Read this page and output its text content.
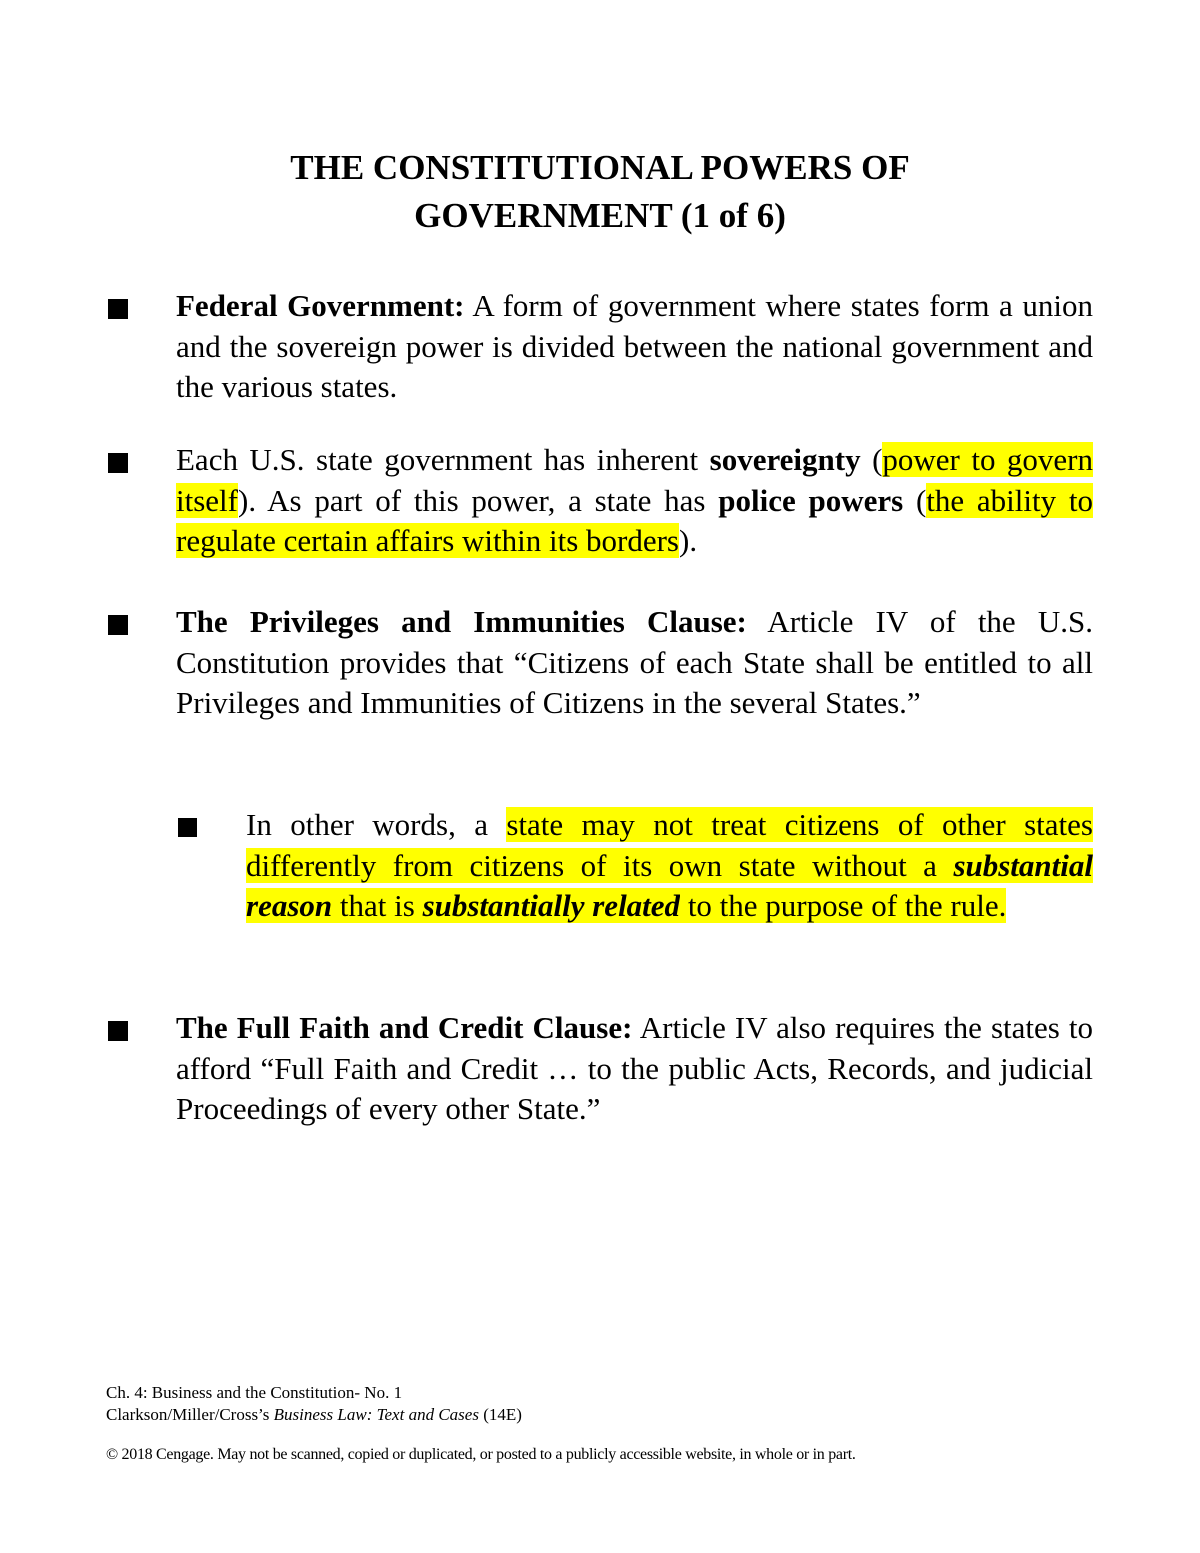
THE CONSTITUTIONAL POWERS OF
GOVERNMENT (1 of 6)
Federal Government: A form of government where states form a union and the sovereign power is divided between the national government and the various states.
Each U.S. state government has inherent sovereignty (power to govern itself). As part of this power, a state has police powers (the ability to regulate certain affairs within its borders).
The Privileges and Immunities Clause: Article IV of the U.S. Constitution provides that “Citizens of each State shall be entitled to all Privileges and Immunities of Citizens in the several States.”
In other words, a state may not treat citizens of other states differently from citizens of its own state without a substantial reason that is substantially related to the purpose of the rule.
The Full Faith and Credit Clause: Article IV also requires the states to afford “Full Faith and Credit … to the public Acts, Records, and judicial Proceedings of every other State.”
Ch. 4: Business and the Constitution- No. 1
Clarkson/Miller/Cross’s Business Law: Text and Cases (14E)
© 2018 Cengage. May not be scanned, copied or duplicated, or posted to a publicly accessible website, in whole or in part.
